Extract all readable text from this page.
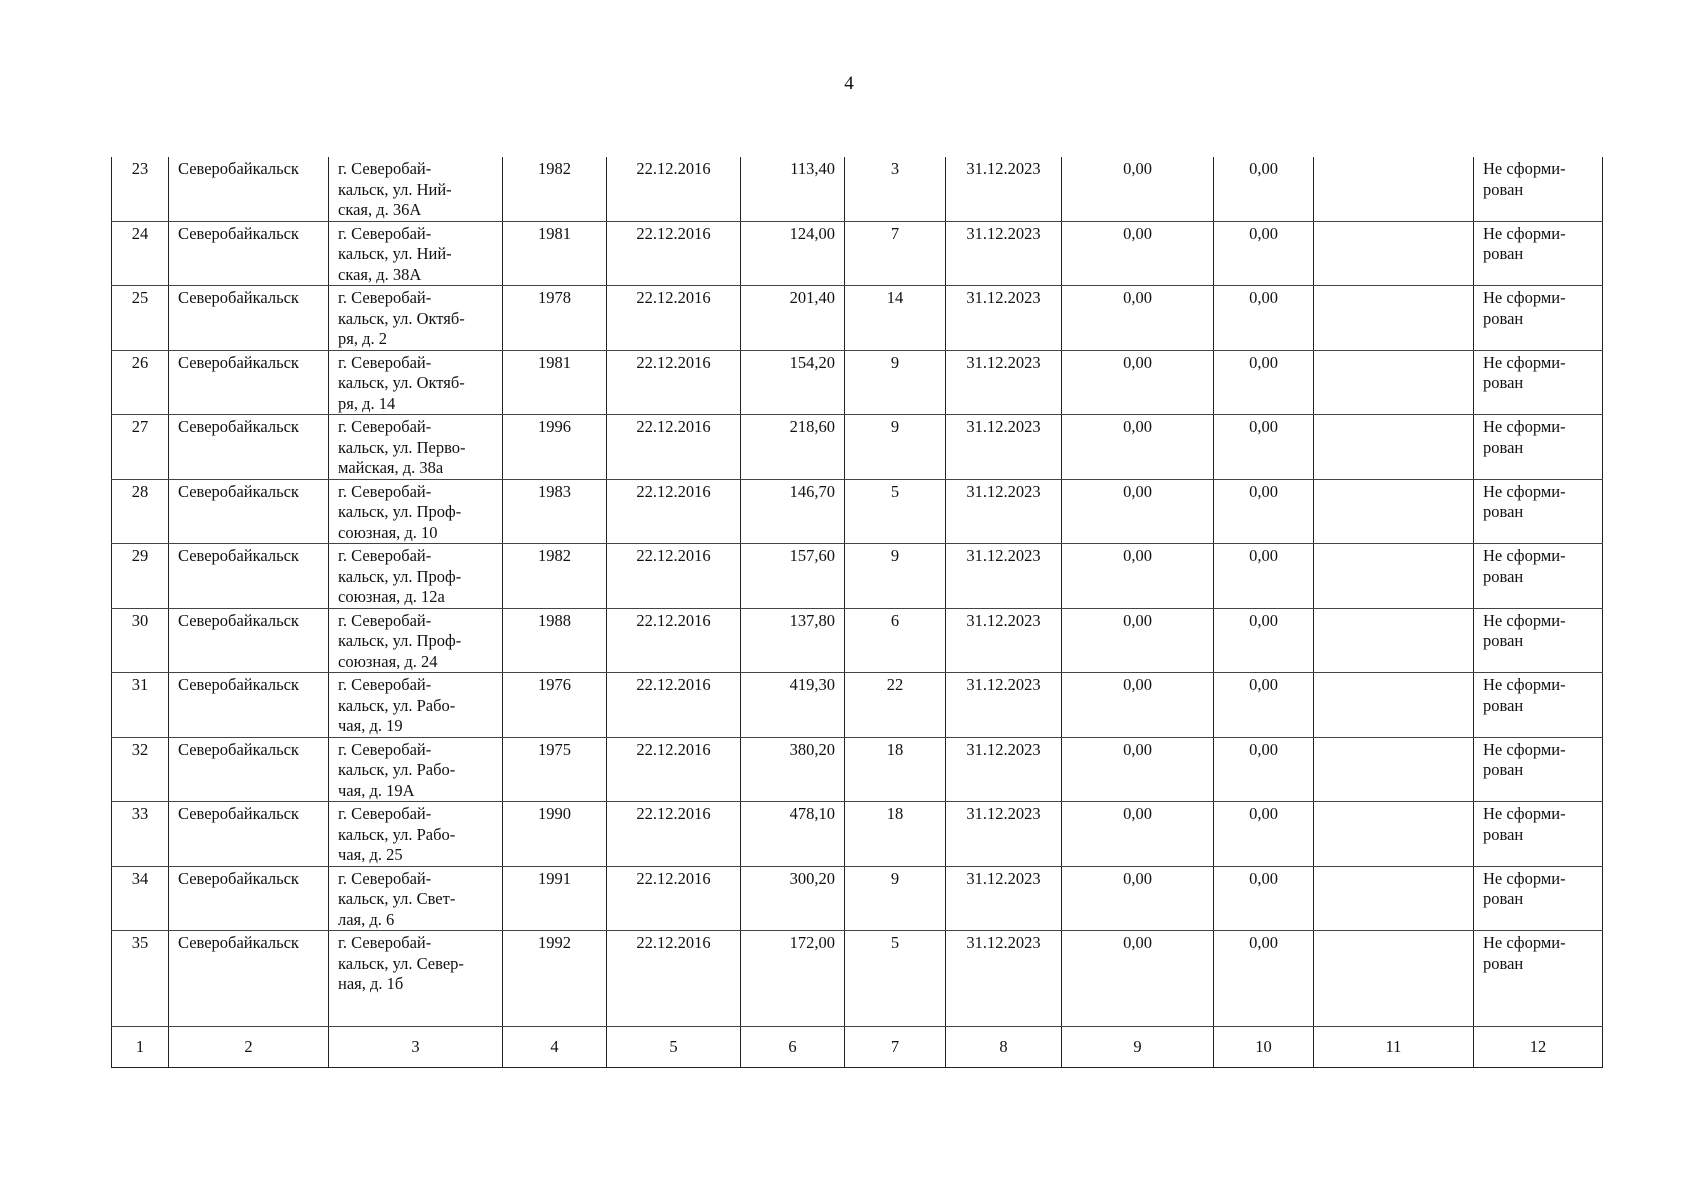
4
23	Северобайкальск	г. Северобай-
кальск, ул. Ний-
ская, д. 36А	1982	22.12.2016	113,40	3	31.12.2023	0,00	0,00		Не сформи-
рован
24	Северобайкальск	г. Северобай-
кальск, ул. Ний-
ская, д. 38А	1981	22.12.2016	124,00	7	31.12.2023	0,00	0,00		Не сформи-
рован
25	Северобайкальск	г. Северобай-
кальск, ул. Октяб-
ря, д. 2	1978	22.12.2016	201,40	14	31.12.2023	0,00	0,00		Не сформи-
рован
26	Северобайкальск	г. Северобай-
кальск, ул. Октяб-
ря, д. 14	1981	22.12.2016	154,20	9	31.12.2023	0,00	0,00		Не сформи-
рован
27	Северобайкальск	г. Северобай-
кальск, ул. Перво-
майская, д. 38а	1996	22.12.2016	218,60	9	31.12.2023	0,00	0,00		Не сформи-
рован
28	Северобайкальск	г. Северобай-
кальск, ул. Проф-
союзная, д. 10	1983	22.12.2016	146,70	5	31.12.2023	0,00	0,00		Не сформи-
рован
29	Северобайкальск	г. Северобай-
кальск, ул. Проф-
союзная, д. 12а	1982	22.12.2016	157,60	9	31.12.2023	0,00	0,00		Не сформи-
рован
30	Северобайкальск	г. Северобай-
кальск, ул. Проф-
союзная, д. 24	1988	22.12.2016	137,80	6	31.12.2023	0,00	0,00		Не сформи-
рован
31	Северобайкальск	г. Северобай-
кальск, ул. Рабо-
чая, д. 19	1976	22.12.2016	419,30	22	31.12.2023	0,00	0,00		Не сформи-
рован
32	Северобайкальск	г. Северобай-
кальск, ул. Рабо-
чая, д. 19А	1975	22.12.2016	380,20	18	31.12.2023	0,00	0,00		Не сформи-
рован
33	Северобайкальск	г. Северобай-
кальск, ул. Рабо-
чая, д. 25	1990	22.12.2016	478,10	18	31.12.2023	0,00	0,00		Не сформи-
рован
34	Северобайкальск	г. Северобай-
кальск, ул. Свет-
лая, д. 6	1991	22.12.2016	300,20	9	31.12.2023	0,00	0,00		Не сформи-
рован
35	Северобайкальск	г. Северобай-
кальск, ул. Север-
ная, д. 1б	1992	22.12.2016	172,00	5	31.12.2023	0,00	0,00		Не сформи-
рован
1	2	3	4	5	6	7	8	9	10	11	12
